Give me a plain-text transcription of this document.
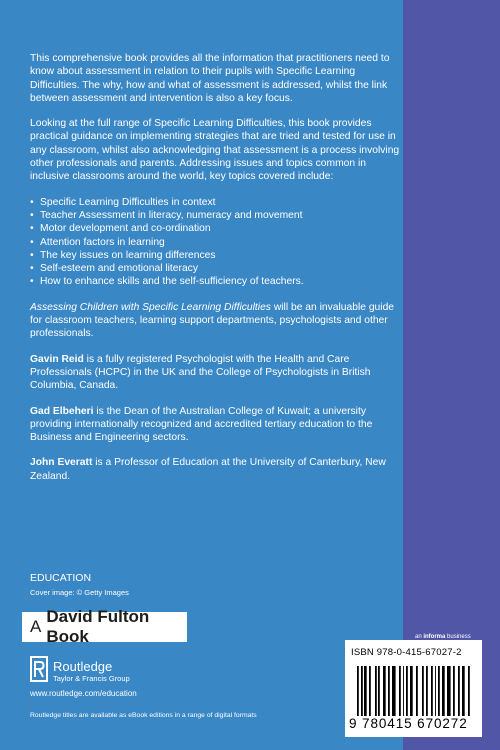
This comprehensive book provides all the information that practitioners need to know about assessment in relation to their pupils with Specific Learning Difficulties. The why, how and what of assessment is addressed, whilst the link between assessment and intervention is also a key focus.

Looking at the full range of Specific Learning Difficulties, this book provides practical guidance on implementing strategies that are tried and tested for use in any classroom, whilst also acknowledging that assessment is a process involving other professionals and parents. Addressing issues and topics common in inclusive classrooms around the world, key topics covered include:

• Specific Learning Difficulties in context
• Teacher Assessment in literacy, numeracy and movement
• Motor development and co-ordination
• Attention factors in learning
• The key issues on learning differences
• Self-esteem and emotional literacy
• How to enhance skills and the self-sufficiency of teachers.

Assessing Children with Specific Learning Difficulties will be an invaluable guide for classroom teachers, learning support departments, psychologists and other professionals.

Gavin Reid is a fully registered Psychologist with the Health and Care Professionals (HCPC) in the UK and the College of Psychologists in British Columbia, Canada.

Gad Elbeheri is the Dean of the Australian College of Kuwait; a university providing internationally recognized and accredited tertiary education to the Business and Engineering sectors.

John Everatt is a Professor of Education at the University of Canterbury, New Zealand.

EDUCATION
Cover image: © Getty Images
A
David Fulton Book
Routledge
Taylor & Francis Group
www.routledge.com/education
Routledge titles are available as eBook editions in a range of digital formats
an informa business
ISBN 978-0-415-67027-2
9 780415 670272
